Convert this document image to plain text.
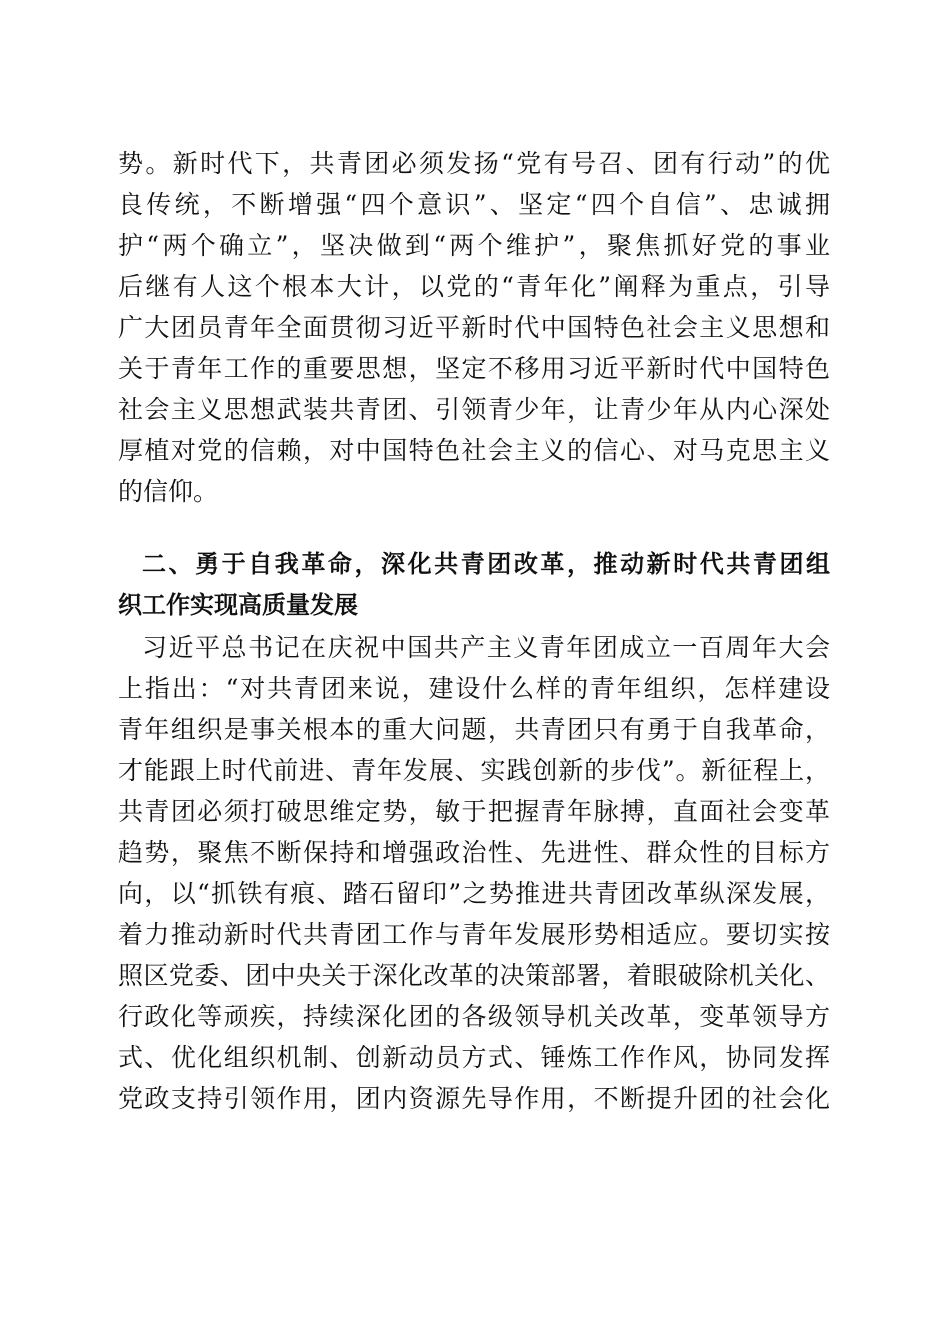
势。新时代下，共青团必须发扬“党有号召、团有行动”的优
良传统，不断增强“四个意识”、坚定“四个自信”、忠诚拥
护“两个确立”，坚决做到“两个维护”，聚焦抓好党的事业
后继有人这个根本大计，以党的“青年化”阐释为重点，引导
广大团员青年全面贯彻习近平新时代中国特色社会主义思想和
关于青年工作的重要思想，坚定不移用习近平新时代中国特色
社会主义思想武装共青团、引领青少年，让青少年从内心深处
厚植对党的信赖，对中国特色社会主义的信心、对马克思主义
的信仰。
二、勇于自我革命，深化共青团改革，推动新时代共青团组
织工作实现高质量发展
习近平总书记在庆祝中国共产主义青年团成立一百周年大会
上指出：“对共青团来说，建设什么样的青年组织，怎样建设
青年组织是事关根本的重大问题，共青团只有勇于自我革命，
才能跟上时代前进、青年发展、实践创新的步伐”。新征程上，
共青团必须打破思维定势，敏于把握青年脉搏，直面社会变革
趋势，聚焦不断保持和增强政治性、先进性、群众性的目标方
向，以“抓铁有痕、踏石留印”之势推进共青团改革纵深发展，
着力推动新时代共青团工作与青年发展形势相适应。要切实按
照区党委、团中央关于深化改革的决策部署，着眼破除机关化、
行政化等顽疾，持续深化团的各级领导机关改革，变革领导方
式、优化组织机制、创新动员方式、锤炼工作作风，协同发挥
党政支持引领作用，团内资源先导作用，不断提升团的社会化
